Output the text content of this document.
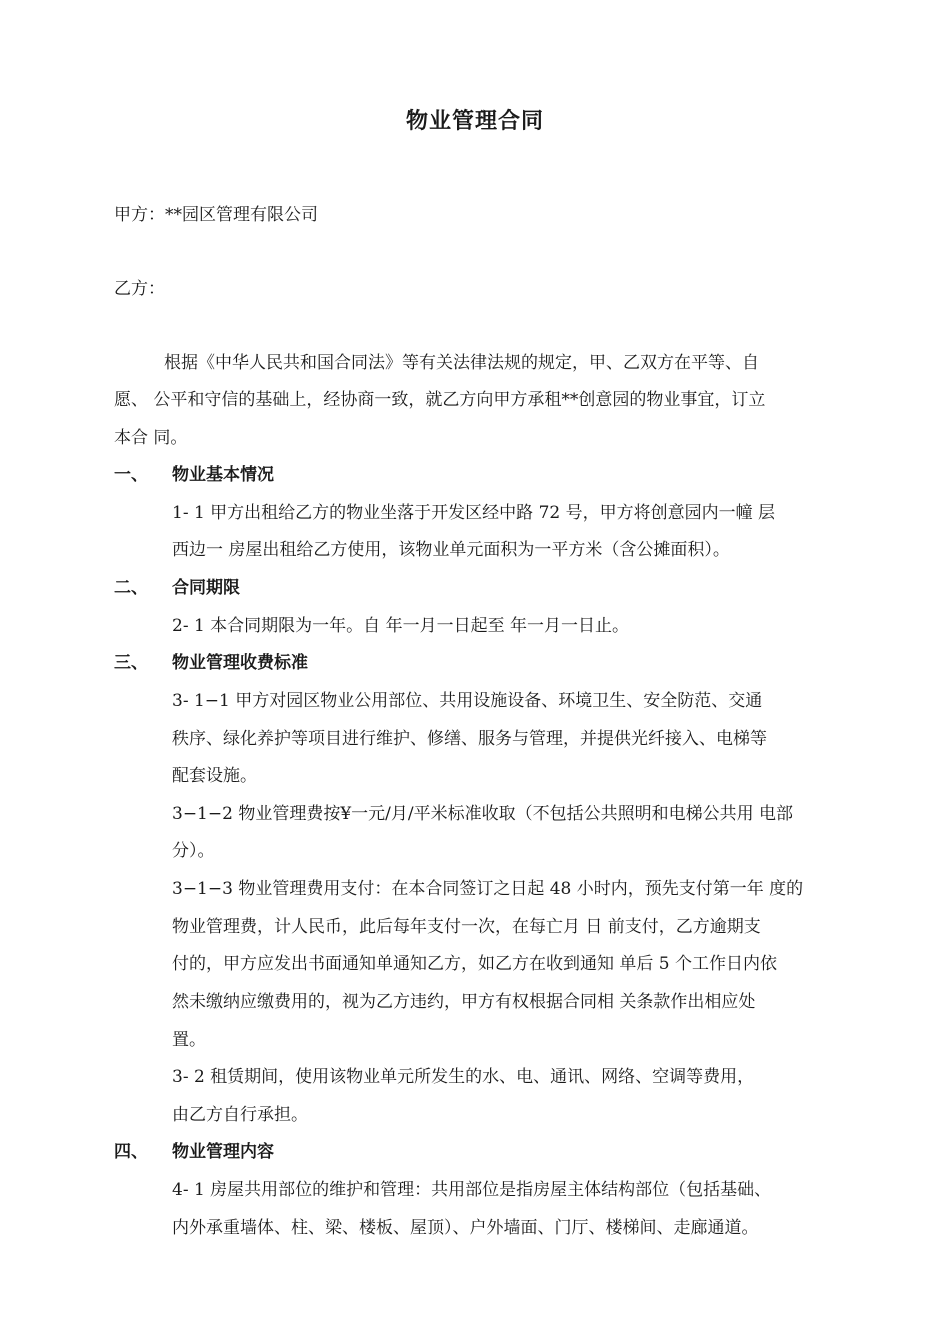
物业管理合同
甲方：**园区管理有限公司
乙方：
根据《中华人民共和国合同法》等有关法律法规的规定，甲、乙双方在平等、自
愿、 公平和守信的基础上，经协商一致，就乙方向甲方承租**创意园的物业事宜，订立
本合 同。
一、 物业基本情况
1- 1 甲方出租给乙方的物业坐落于开发区经中路 72 号，甲方将创意园内一幢 层
西边一 房屋出租给乙方使用，该物业单元面积为一平方米（含公摊面积）。
二、 合同期限
2- 1 本合同期限为一年。自 年一月一日起至 年一月一日止。
三、 物业管理收费标准
3- 1−1 甲方对园区物业公用部位、共用设施设备、环境卫生、安全防范、交通
秩序、绿化养护等项目进行维护、修缮、服务与管理，并提供光纤接入、电梯等
配套设施。
3−1−2 物业管理费按¥一元/月/平米标准收取（不包括公共照明和电梯公共用 电部
分）。
3−1−3 物业管理费用支付：在本合同签订之日起 48 小时内，预先支付第一年 度的
物业管理费，计人民币，此后每年支付一次，在每亡月 日 前支付，乙方逾期支
付的，甲方应发出书面通知单通知乙方，如乙方在收到通知 单后 5 个工作日内依
然未缴纳应缴费用的，视为乙方违约，甲方有权根据合同相 关条款作出相应处
置。
3- 2 租赁期间，使用该物业单元所发生的水、电、通讯、网络、空调等费用，
由乙方自行承担。
四、 物业管理内容
4- 1 房屋共用部位的维护和管理：共用部位是指房屋主体结构部位（包括基础、
内外承重墙体、柱、梁、楼板、屋顶）、户外墙面、门厅、楼梯间、走廊通道。
